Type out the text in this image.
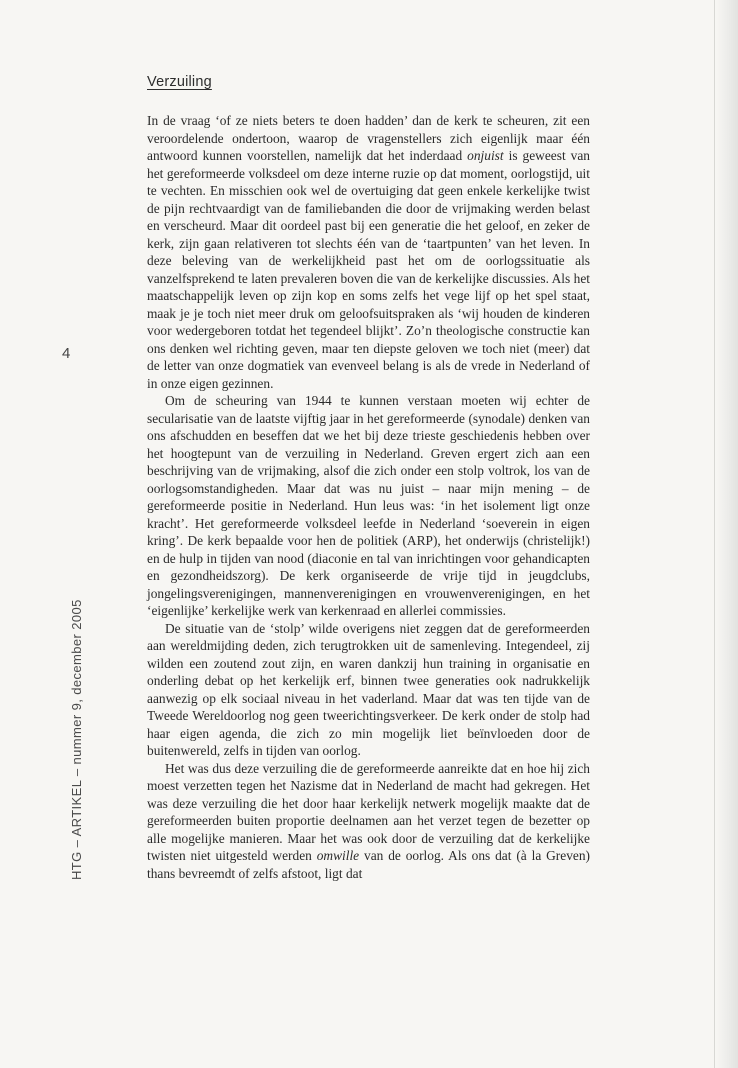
Verzuiling
4
HTG – ARTIKEL – nummer 9, december 2005

In de vraag ‘of ze niets beters te doen hadden’ dan de kerk te scheuren, zit een veroordelende ondertoon, waarop de vragenstellers zich eigenlijk maar één antwoord kunnen voorstellen, namelijk dat het inderdaad onjuist is geweest van het gereformeerde volksdeel om deze interne ruzie op dat moment, oorlogstijd, uit te vechten. En misschien ook wel de overtuiging dat geen enkele kerkelijke twist de pijn rechtvaardigt van de familiebanden die door de vrijmaking werden belast en verscheurd. Maar dit oordeel past bij een generatie die het geloof, en zeker de kerk, zijn gaan relativeren tot slechts één van de ‘taartpunten’ van het leven. In deze beleving van de werkelijkheid past het om de oorlogssituatie als vanzelfsprekend te laten prevaleren boven die van de kerkelijke discussies. Als het maatschappelijk leven op zijn kop en soms zelfs het vege lijf op het spel staat, maak je je toch niet meer druk om geloofsuitspraken als ‘wij houden de kinderen voor wedergeboren totdat het tegendeel blijkt’. Zo’n theologische constructie kan ons denken wel richting geven, maar ten diepste geloven we toch niet (meer) dat de letter van onze dogmatiek van evenveel belang is als de vrede in Nederland of in onze eigen gezinnen.

Om de scheuring van 1944 te kunnen verstaan moeten wij echter de secularisatie van de laatste vijftig jaar in het gereformeerde (synodale) denken van ons afschudden en beseffen dat we het bij deze trieste geschiedenis hebben over het hoogtepunt van de verzuiling in Nederland. Greven ergert zich aan een beschrijving van de vrijmaking, alsof die zich onder een stolp voltrok, los van de oorlogsomstandigheden. Maar dat was nu juist – naar mijn mening – de gereformeerde positie in Nederland. Hun leus was: ‘in het isolement ligt onze kracht’. Het gereformeerde volksdeel leefde in Nederland ‘soeverein in eigen kring’. De kerk bepaalde voor hen de politiek (ARP), het onderwijs (christelijk!) en de hulp in tijden van nood (diaconie en tal van inrichtingen voor gehandicapten en gezondheidszorg). De kerk organiseerde de vrije tijd in jeugdclubs, jongelingsverenigingen, mannenverenigingen en vrouwenverenigingen, en het ‘eigenlijke’ kerkelijke werk van kerkenraad en allerlei commissies.

De situatie van de ‘stolp’ wilde overigens niet zeggen dat de gereformeerden aan wereldmijding deden, zich terugtrokken uit de samenleving. Integendeel, zij wilden een zoutend zout zijn, en waren dankzij hun training in organisatie en onderling debat op het kerkelijk erf, binnen twee generaties ook nadrukkelijk aanwezig op elk sociaal niveau in het vaderland. Maar dat was ten tijde van de Tweede Wereldoorlog nog geen tweerichtingsverkeer. De kerk onder de stolp had haar eigen agenda, die zich zo min mogelijk liet beïnvloeden door de buitenwereld, zelfs in tijden van oorlog.

Het was dus deze verzuiling die de gereformeerde aanreikte dat en hoe hij zich moest verzetten tegen het Nazisme dat in Nederland de macht had gekregen. Het was deze verzuiling die het door haar kerkelijk netwerk mogelijk maakte dat de gereformeerden buiten proportie deelnamen aan het verzet tegen de bezetter op alle mogelijke manieren. Maar het was ook door de verzuiling dat de kerkelijke twisten niet uitgesteld werden omwille van de oorlog. Als ons dat (à la Greven) thans bevreemdt of zelfs afstoot, ligt dat
